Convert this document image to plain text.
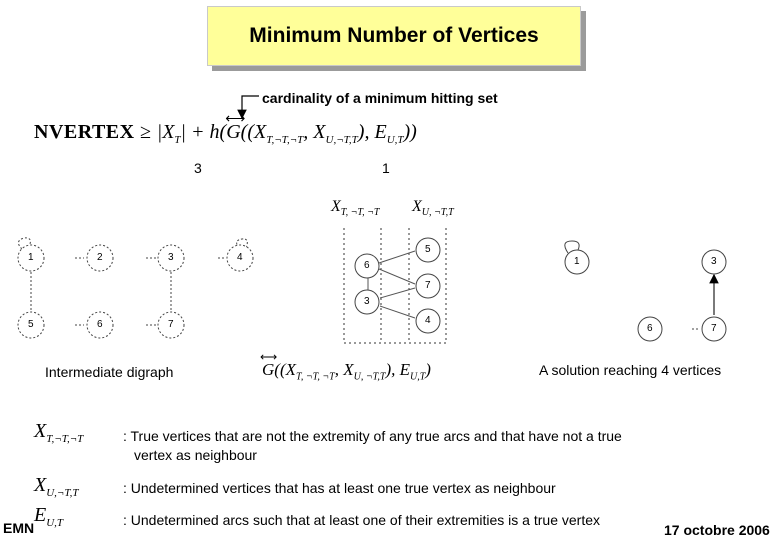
Minimum Number of Vertices
cardinality of a minimum hitting set
NVERTEX ≥ $|X_T| + h(G$
⟷
(($X_{T,\neg T,\neg T}$, $X_{U,\neg T,T}$), $E_{U,T}$))
3	1
$X_{T, \neg T, \neg T}$ $X_{U, \neg T,T}$
1	2	3	4
5	6	7
5
6
7
3
4
1	3
6	7
Intermediate digraph	G
⟷
(($X_{T, \neg T, \neg T}$, $X_{U, \neg T,T}$), $E_{U,T}$)	A solution reaching 4 vertices
$X_{T,\neg T,\neg T}$	: True vertices that are not the extremity of any true arcs and that have not a true
vertex as neighbour
$X_{U,\neg T,T}$	: Undetermined vertices that has at least one true vertex as neighbour
$E_{U,T}$	: Undetermined arcs such that at least one of their extremities is a true vertex
EMN	17 octobre 2006
